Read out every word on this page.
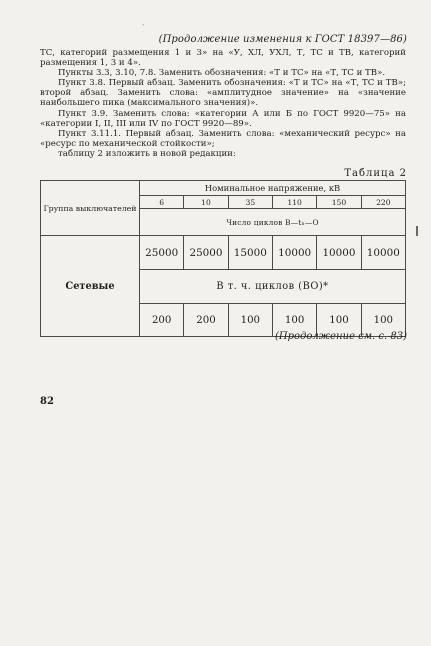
`
(Продолжение изменения к ГОСТ 18397—86)

ТС, категорий размещения 1 и 3» на «У, ХЛ, УХЛ, Т, ТС и ТВ, категорий размещения 1, 3 и 4».

Пункты 3.3, 3.10, 7.8. Заменить обозначения: «Т и ТС» на «Т, ТС и ТВ».

Пункт 3.8. Первый абзац. Заменить обозначения: «Т и ТС» на «Т, ТС и ТВ»; второй абзац. Заменить слова: «амплитудное значение» на «значение наибольшего пика (максимального значения)».

Пункт 3.9. Заменить слова: «категории А или Б по ГОСТ 9920—75» на «категории I, II, III или IV по ГОСТ 9920—89».

Пункт 3.11.1. Первый абзац. Заменить слова: «механический ресурс» на «ресурс по механической стойкости»;

таблицу 2 изложить в новой редакции:

Таблица 2
Группа выключателей	Номинальное напряжение, кВ					
	6	10	35	110	150	220
	Число циклов В—tₙ—О					
Сетевые	25000	25000	15000	10000	10000	10000
	В т. ч. циклов (ВО)*					
	200	200	100	100	100	100
(Продолжение см. с. 83)
82
